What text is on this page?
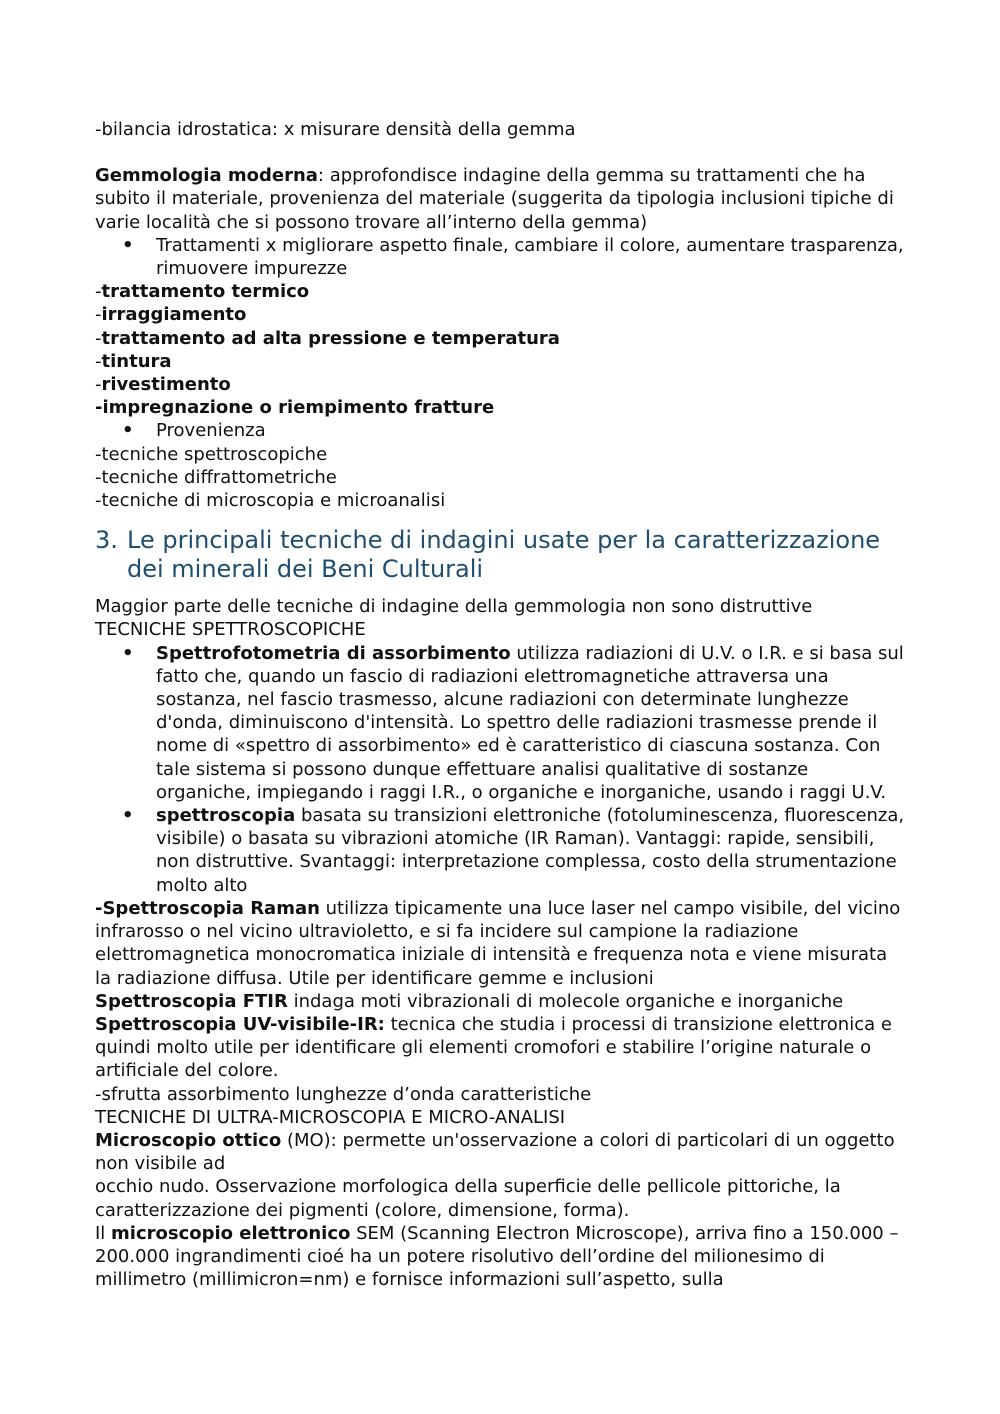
-bilancia idrostatica: x misurare densità della gemma

Gemmologia moderna: approfondisce indagine della gemma su trattamenti che ha subito il materiale, provenienza del materiale (suggerita da tipologia inclusioni tipiche di varie località che si possono trovare all’interno della gemma)

• Trattamenti x migliorare aspetto finale, cambiare il colore, aumentare trasparenza, rimuovere impurezze

-trattamento termico

-irraggiamento

-trattamento ad alta pressione e temperatura

-tintura

-rivestimento

-impregnazione o riempimento fratture

• Provenienza

-tecniche spettroscopiche

-tecniche diffrattometriche

-tecniche di microscopia e microanalisi

3. Le principali tecniche di indagini usate per la caratterizzazione dei minerali dei Beni Culturali

Maggior parte delle tecniche di indagine della gemmologia non sono distruttive

TECNICHE SPETTROSCOPICHE

• Spettrofotometria di assorbimento utilizza radiazioni di U.V. o I.R. e si basa sul fatto che, quando un fascio di radiazioni elettromagnetiche attraversa una sostanza, nel fascio trasmesso, alcune radiazioni con determinate lunghezze d'onda, diminuiscono d'intensità. Lo spettro delle radiazioni trasmesse prende il nome di «spettro di assorbimento» ed è caratteristico di ciascuna sostanza. Con tale sistema si possono dunque effettuare analisi qualitative di sostanze organiche, impiegando i raggi I.R., o organiche e inorganiche, usando i raggi U.V.
• spettroscopia basata su transizioni elettroniche (fotoluminescenza, fluorescenza, visibile) o basata su vibrazioni atomiche (IR Raman). Vantaggi: rapide, sensibili, non distruttive. Svantaggi: interpretazione complessa, costo della strumentazione molto alto

-Spettroscopia Raman utilizza tipicamente una luce laser nel campo visibile, del vicino infrarosso o nel vicino ultravioletto, e si fa incidere sul campione la radiazione elettromagnetica monocromatica iniziale di intensità e frequenza nota e viene misurata la radiazione diffusa. Utile per identificare gemme e inclusioni

Spettroscopia FTIR indaga moti vibrazionali di molecole organiche e inorganiche

Spettroscopia UV-visibile-IR: tecnica che studia i processi di transizione elettronica e quindi molto utile per identificare gli elementi cromofori e stabilire l’origine naturale o artificiale del colore.

-sfrutta assorbimento lunghezze d’onda caratteristiche

TECNICHE DI ULTRA-MICROSCOPIA E MICRO-ANALISI

Microscopio ottico (MO): permette un'osservazione a colori di particolari di un oggetto non visibile ad

occhio nudo. Osservazione morfologica della superficie delle pellicole pittoriche, la caratterizzazione dei pigmenti (colore, dimensione, forma).

Il microscopio elettronico SEM (Scanning Electron Microscope), arriva fino a 150.000 – 200.000 ingrandimenti cioé ha un potere risolutivo dell’ordine del milionesimo di millimetro (millimicron=nm) e fornisce informazioni sull’aspetto, sulla
